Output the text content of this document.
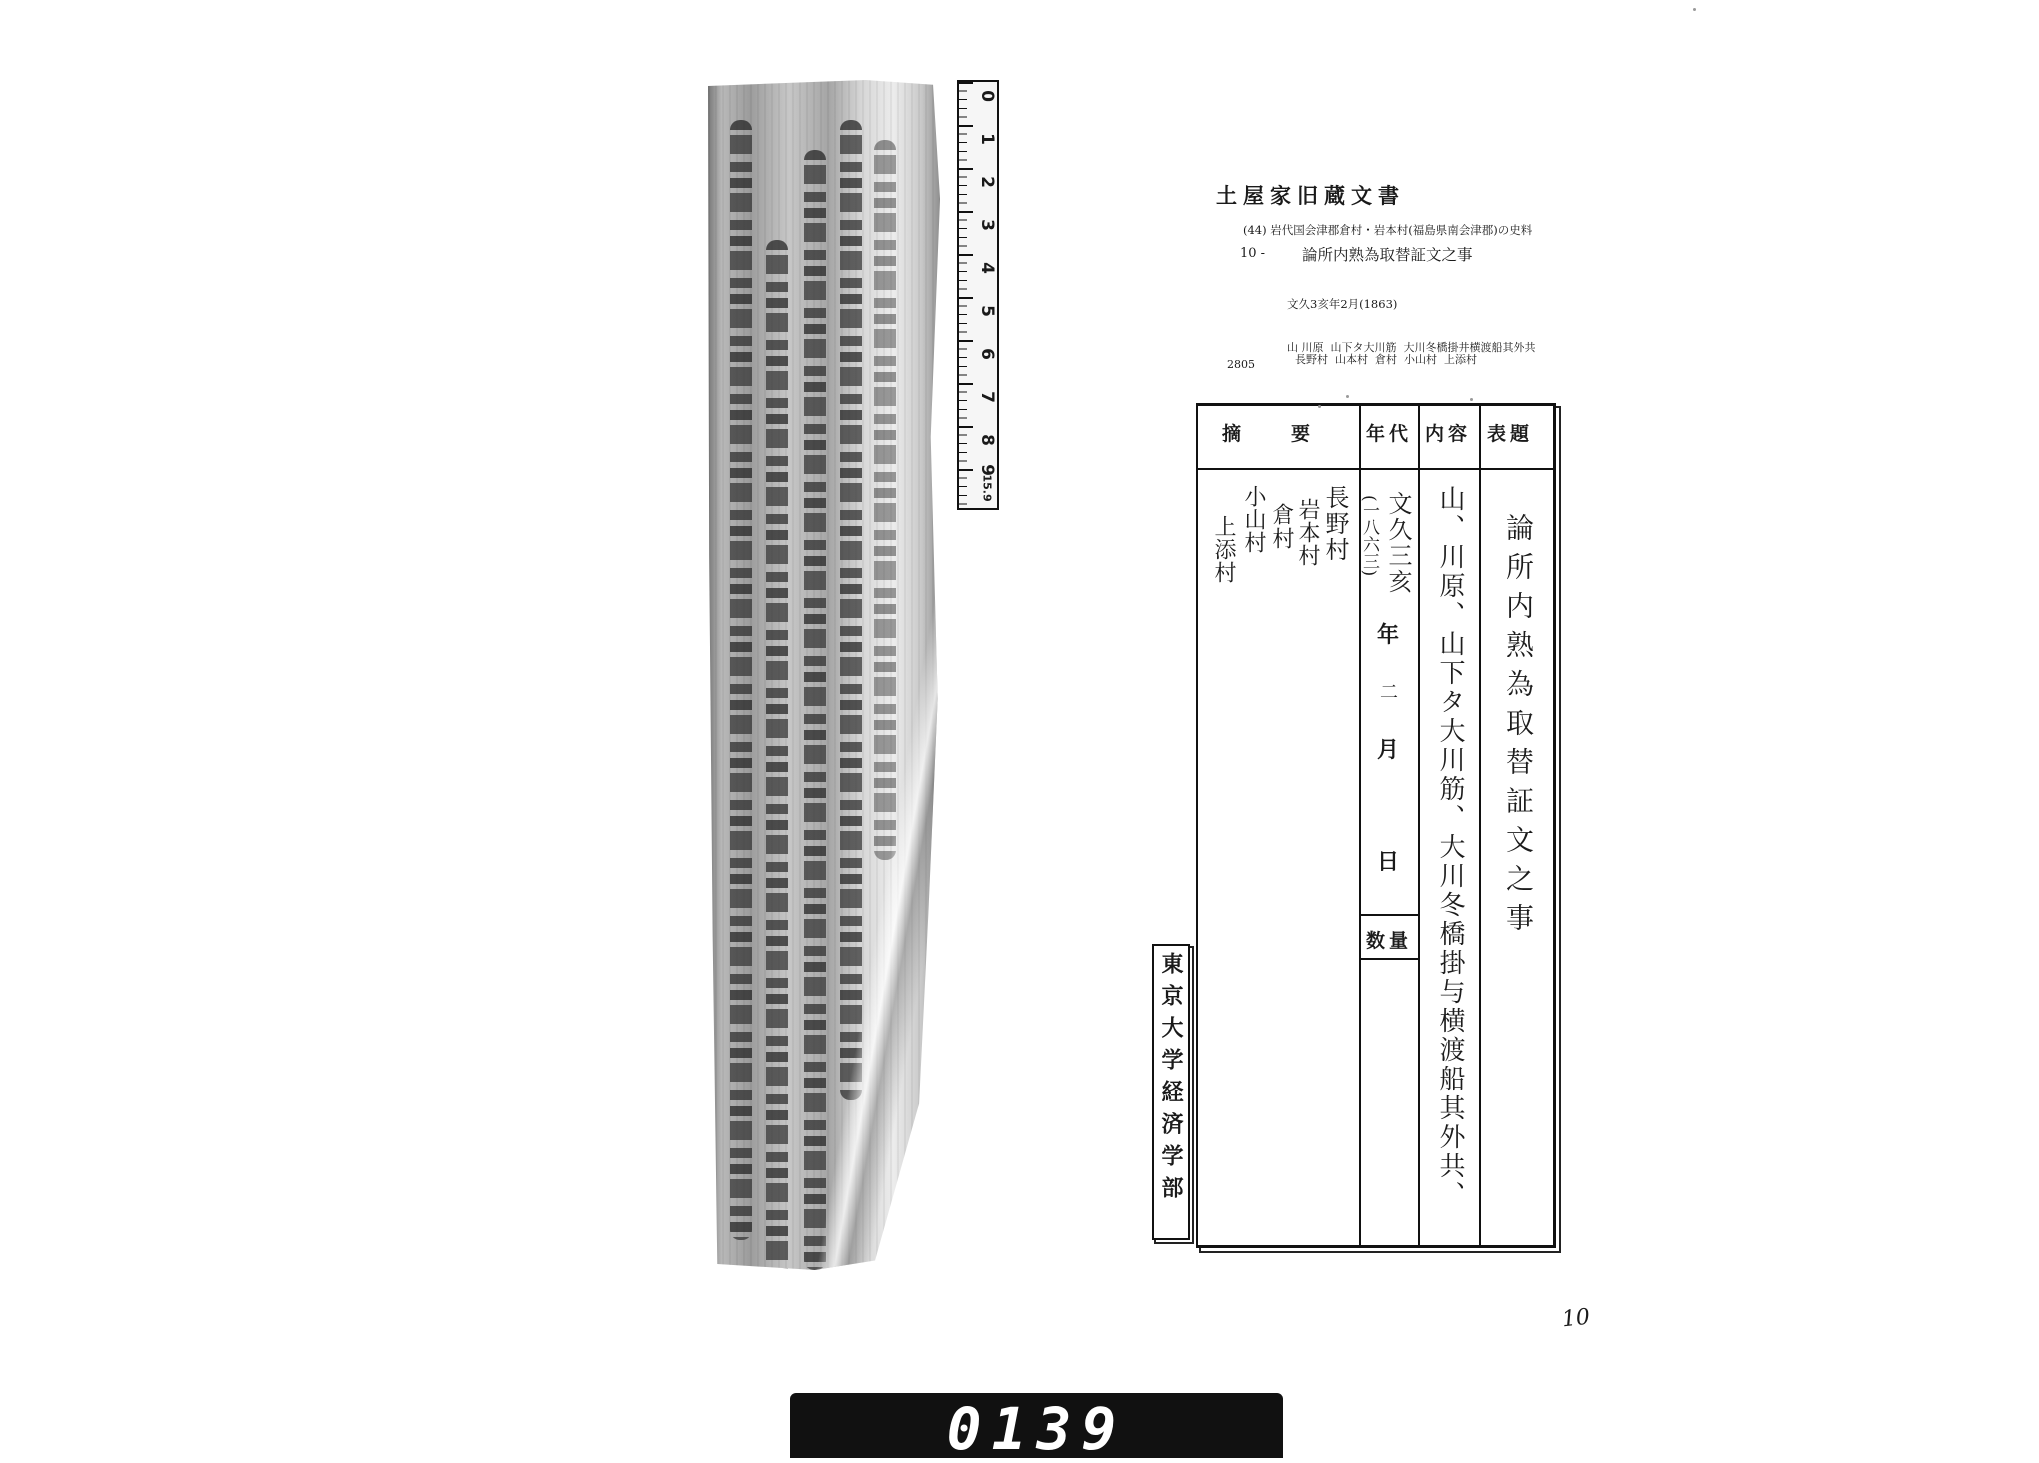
0
1
2
3
4
5
6
7
8
9
15.9
土屋家旧蔵文書
(44) 岩代国会津郡倉村・岩本村(福島県南会津郡)の史料
10 - 論所内熟為取替証文之事
文久3亥年2月(1863)
2805
山 川原  山下タ大川筋  大川冬橋掛井横渡船其外共
長野村  山本村  倉村  小山村  上添村
摘　　要	年代 内容 表題
数量	論所内熟為取替証文之事
山、川原、山下タ大川筋、大川冬橋掛与横渡船其外共、
文久三亥
(一八六三)
年
二
月
日
長野村
岩本村
倉村
小山村
上添村
東京大学経済学部
10
0139
